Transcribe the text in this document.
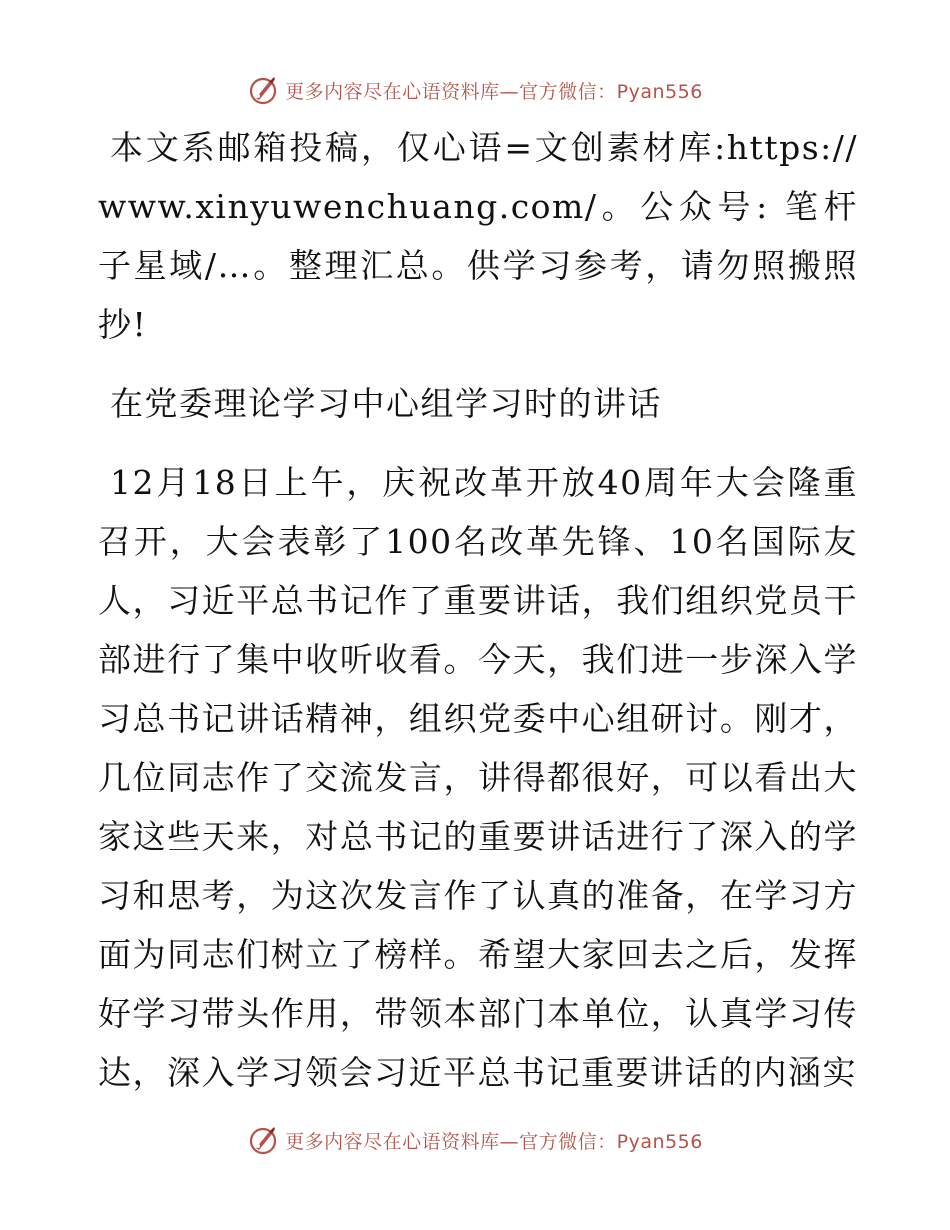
更多内容尽在心语资料库—官方微信：Pyan556

本文系邮箱投稿，仅心语=文创素材库:https://www.xinyuwenchuang.com/。公众号: 笔杆子星域/…。整理汇总。供学习参考，请勿照搬照抄!

在党委理论学习中心组学习时的讲话

12月18日上午，庆祝改革开放40周年大会隆重召开，大会表彰了100名改革先锋、10名国际友人，习近平总书记作了重要讲话，我们组织党员干部进行了集中收听收看。今天，我们进一步深入学习总书记讲话精神，组织党委中心组研讨。刚才，几位同志作了交流发言，讲得都很好，可以看出大家这些天来，对总书记的重要讲话进行了深入的学习和思考，为这次发言作了认真的准备，在学习方面为同志们树立了榜样。希望大家回去之后，发挥好学习带头作用，带领本部门本单位，认真学习传达，深入学习领会习近平总书记重要讲话的内涵实

更多内容尽在心语资料库—官方微信：Pyan556
